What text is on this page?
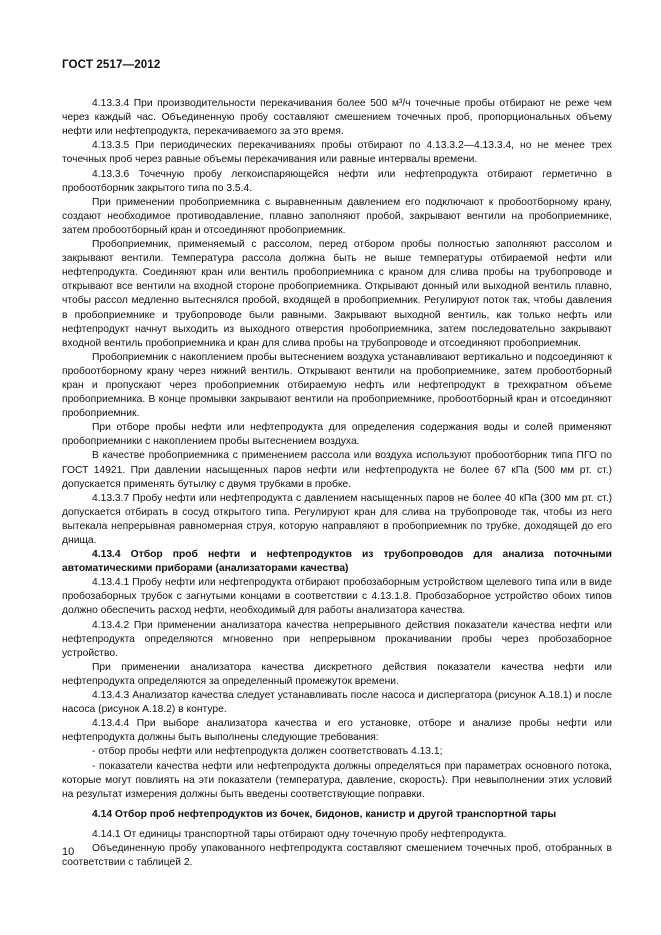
ГОСТ 2517—2012

4.13.3.4 При производительности перекачивания более 500 м³/ч точечные пробы отбирают не реже чем через каждый час. Объединенную пробу составляют смешением точечных проб, пропорциональных объему нефти или нефтепродукта, перекачиваемого за это время.

4.13.3.5 При периодических перекачиваниях пробы отбирают по 4.13.3.2—4.13.3.4, но не менее трех точечных проб через равные объемы перекачивания или равные интервалы времени.

4.13.3.6 Точечную пробу легкоиспаряющейся нефти или нефтепродукта отбирают герметично в пробоотборник закрытого типа по 3.5.4.

При применении пробоприемника с выравненным давлением его подключают к пробоотборному крану, создают необходимое противодавление, плавно заполняют пробой, закрывают вентили на пробоприемнике, затем пробоотборный кран и отсоединяют пробоприемник.

Пробоприемник, применяемый с рассолом, перед отбором пробы полностью заполняют рассолом и закрывают вентили. Температура рассола должна быть не выше температуры отбираемой нефти или нефтепродукта. Соединяют кран или вентиль пробоприемника с краном для слива пробы на трубопроводе и открывают все вентили на входной стороне пробоприемника. Открывают донный или выходной вентиль плавно, чтобы рассол медленно вытеснялся пробой, входящей в пробоприемник. Регулируют поток так, чтобы давления в пробоприемнике и трубопроводе были равными. Закрывают выходной вентиль, как только нефть или нефтепродукт начнут выходить из выходного отверстия пробоприемника, затем последовательно закрывают входной вентиль пробоприемника и кран для слива пробы на трубопроводе и отсоединяют пробоприемник.

Пробоприемник с накоплением пробы вытеснением воздуха устанавливают вертикально и подсоединяют к пробоотборному крану через нижний вентиль. Открывают вентили на пробоприемнике, затем пробоотборный кран и пропускают через пробоприемник отбираемую нефть или нефтепродукт в трехкратном объеме пробоприемника. В конце промывки закрывают вентили на пробоприемнике, пробоотборный кран и отсоединяют пробоприемник.

При отборе пробы нефти или нефтепродукта для определения содержания воды и солей применяют пробоприемники с накоплением пробы вытеснением воздуха.

В качестве пробоприемника с применением рассола или воздуха используют пробоотборник типа ПГО по ГОСТ 14921. При давлении насыщенных паров нефти или нефтепродукта не более 67 кПа (500 мм рт. ст.) допускается применять бутылку с двумя трубками в пробке.

4.13.3.7 Пробу нефти или нефтепродукта с давлением насыщенных паров не более 40 кПа (300 мм рт. ст.) допускается отбирать в сосуд открытого типа. Регулируют кран для слива на трубопроводе так, чтобы из него вытекала непрерывная равномерная струя, которую направляют в пробоприемник по трубке, доходящей до его днища.

4.13.4 Отбор проб нефти и нефтепродуктов из трубопроводов для анализа поточными автоматическими приборами (анализаторами качества)

4.13.4.1 Пробу нефти или нефтепродукта отбирают пробозаборным устройством щелевого типа или в виде пробозаборных трубок с загнутыми концами в соответствии с 4.13.1.8. Пробозаборное устройство обоих типов должно обеспечить расход нефти, необходимый для работы анализатора качества.

4.13.4.2 При применении анализатора качества непрерывного действия показатели качества нефти или нефтепродукта определяются мгновенно при непрерывном прокачивании пробы через пробозаборное устройство.

При применении анализатора качества дискретного действия показатели качества нефти или нефтепродукта определяются за определенный промежуток времени.

4.13.4.3 Анализатор качества следует устанавливать после насоса и диспергатора (рисунок А.18.1) и после насоса (рисунок А.18.2) в контуре.

4.13.4.4 При выборе анализатора качества и его установке, отборе и анализе пробы нефти или нефтепродукта должны быть выполнены следующие требования:

- отбор пробы нефти или нефтепродукта должен соответствовать 4.13.1;

- показатели качества нефти или нефтепродукта должны определяться при параметрах основного потока, которые могут повлиять на эти показатели (температура, давление, скорость). При невыполнении этих условий на результат измерения должны быть введены соответствующие поправки.

4.14 Отбор проб нефтепродуктов из бочек, бидонов, канистр и другой транспортной тары

4.14.1 От единицы транспортной тары отбирают одну точечную пробу нефтепродукта.

Объединенную пробу упакованного нефтепродукта составляют смешением точечных проб, отобранных в соответствии с таблицей 2.

10
